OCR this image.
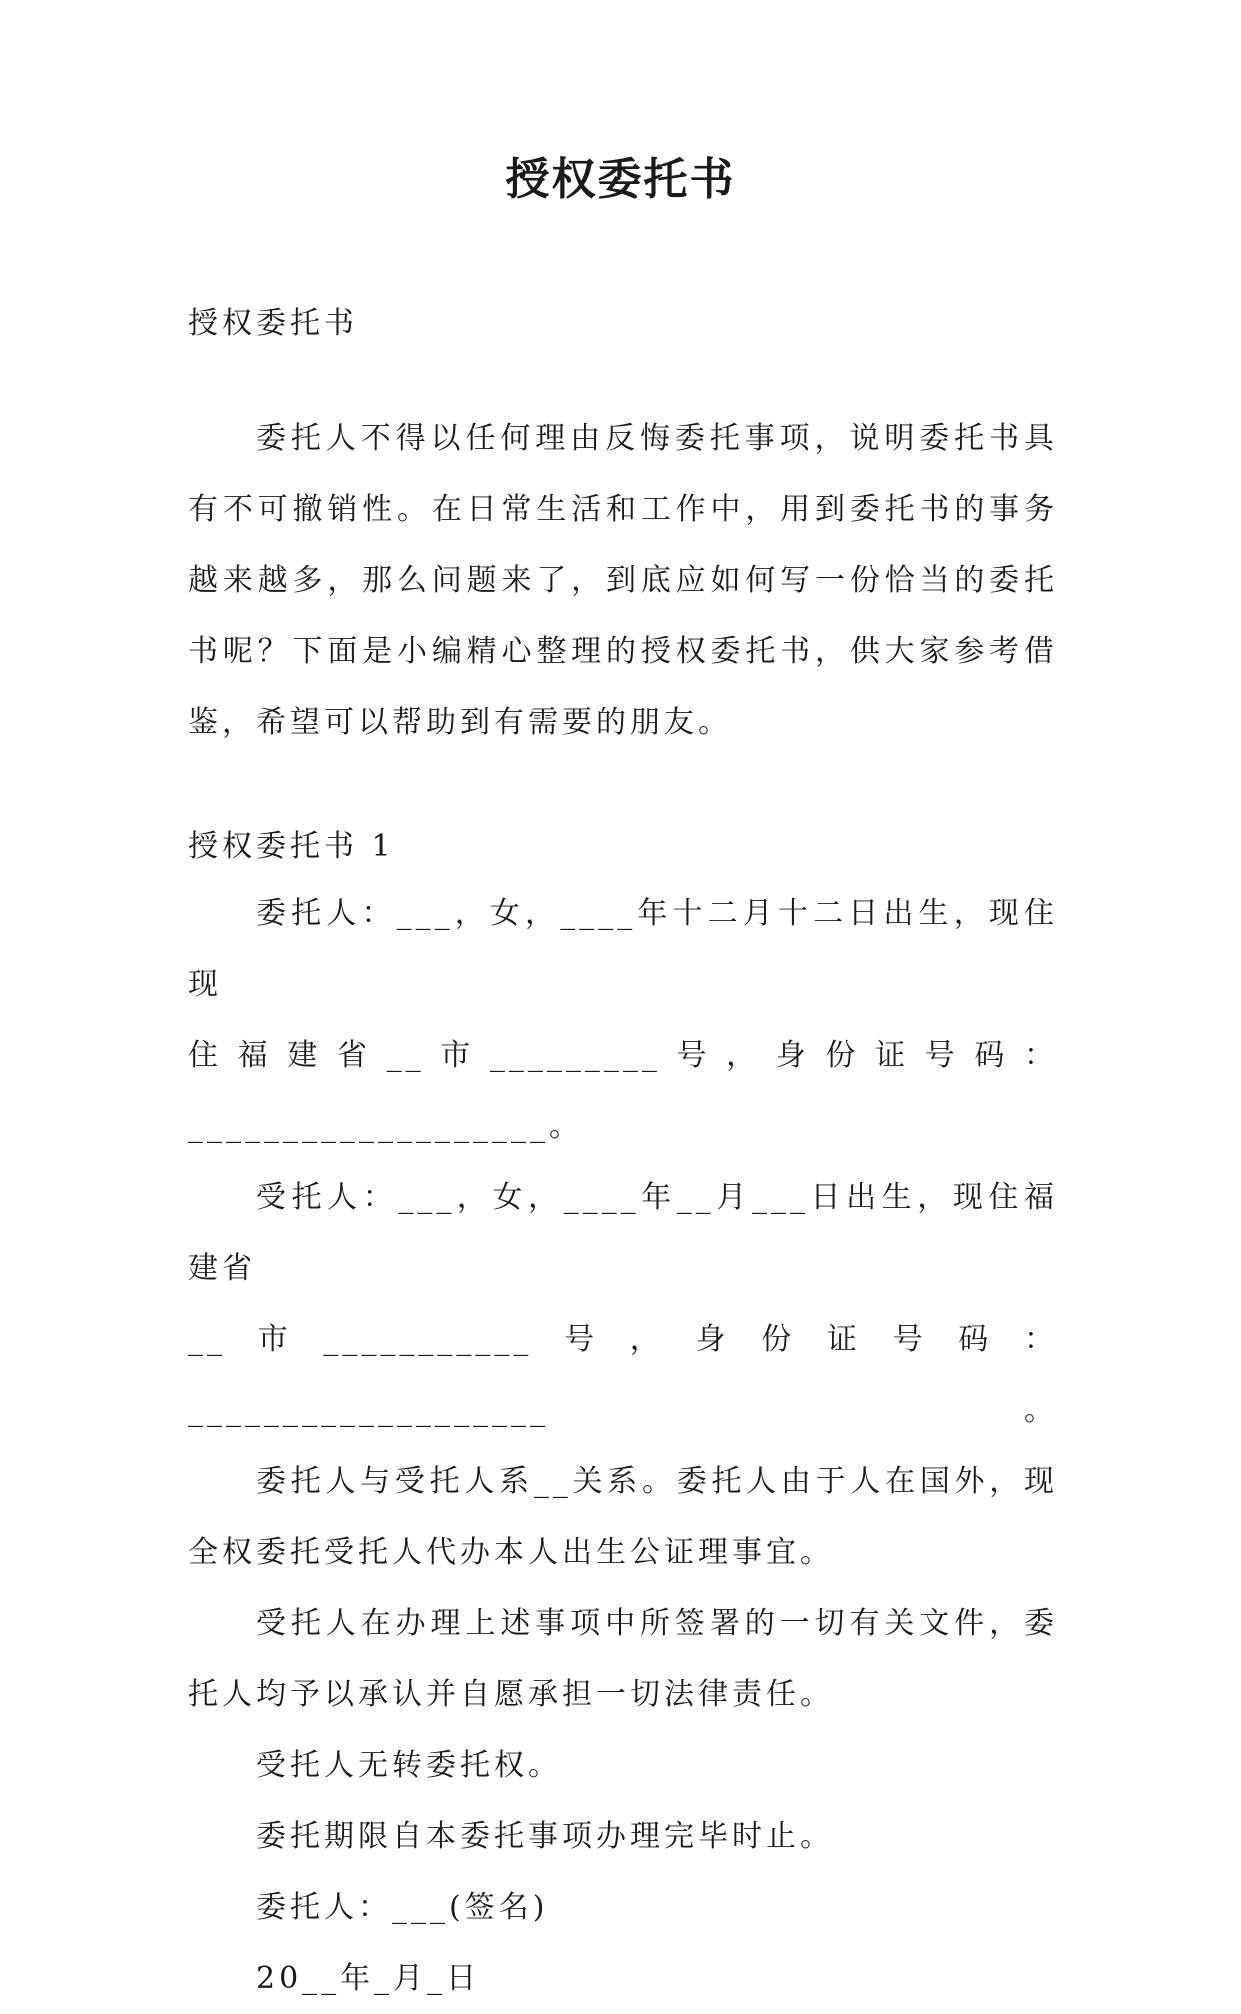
授权委托书

授权委托书

委托人不得以任何理由反悔委托事项，说明委托书具有不可撤销性。在日常生活和工作中，用到委托书的事务越来越多，那么问题来了，到底应如何写一份恰当的委托书呢？下面是小编精心整理的授权委托书，供大家参考借鉴，希望可以帮助到有需要的朋友。

授权委托书 1

委托人：___，女，____年十二月十二日出生，现住现

住福建省__市_________号，身份证号码：

___________________。

受托人：___，女，____年__月___日出生，现住福建省

__市___________号，身份证号码：___________________。

委托人与受托人系__关系。委托人由于人在国外，现全权委托受托人代办本人出生公证理事宜。

受托人在办理上述事项中所签署的一切有关文件，委托人均予以承认并自愿承担一切法律责任。

受托人无转委托权。

委托期限自本委托事项办理完毕时止。

委托人：___(签名)

20__年_月_日
